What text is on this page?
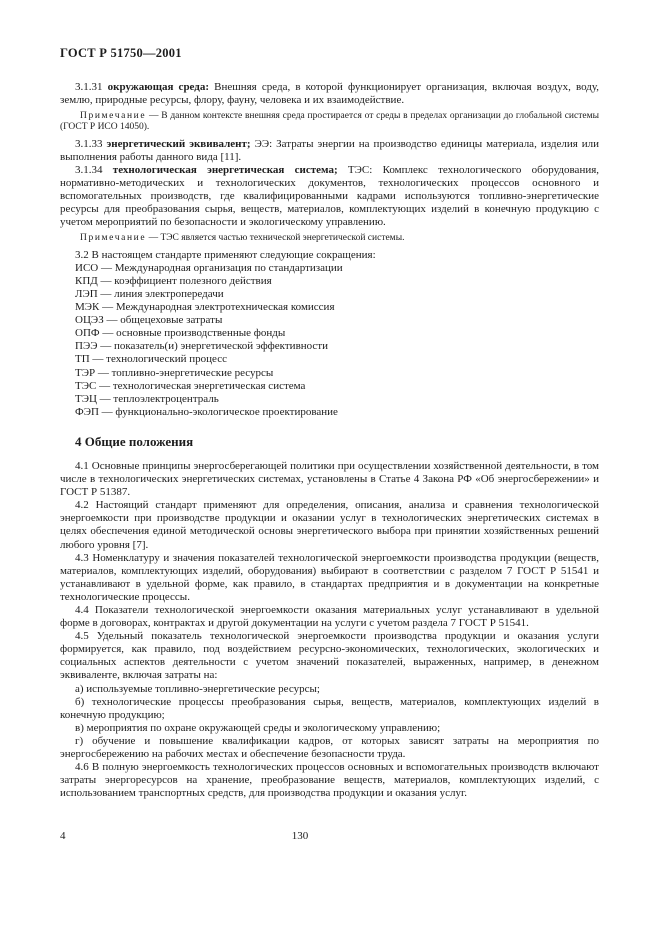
ГОСТ Р 51750—2001

3.1.31 окружающая среда: Внешняя среда, в которой функционирует организация, включая воздух, воду, землю, природные ресурсы, флору, фауну, человека и их взаимодействие.

Примечание — В данном контексте внешняя среда простирается от среды в пределах организации до глобальной системы (ГОСТ Р ИСО 14050).

3.1.33 энергетический эквивалент; ЭЭ: Затраты энергии на производство единицы материала, изделия или выполнения работы данного вида [11].

3.1.34 технологическая энергетическая система; ТЭС: Комплекс технологического оборудования, нормативно-методических и технологических документов, технологических процессов основного и вспомогательных производств, где квалифицированными кадрами используются топливно-энергетические ресурсы для преобразования сырья, веществ, материалов, комплектующих изделий в конечную продукцию с учетом мероприятий по безопасности и экологическому управлению.

Примечание — ТЭС является частью технической энергетической системы.

3.2 В настоящем стандарте применяют следующие сокращения:

ИСО — Международная организация по стандартизации
КПД — коэффициент полезного действия
ЛЭП — линия электропередачи
МЭК — Международная электротехническая комиссия
ОЦЭЗ — общецеховые затраты
ОПФ — основные производственные фонды
ПЭЭ — показатель(и) энергетической эффективности
ТП — технологический процесс
ТЭР — топливно-энергетические ресурсы
ТЭС — технологическая энергетическая система
ТЭЦ — теплоэлектроцентраль
ФЭП — функционально-экологическое проектирование
4 Общие положения

4.1 Основные принципы энергосберегающей политики при осуществлении хозяйственной деятельности, в том числе в технологических энергетических системах, установлены в Статье 4 Закона РФ «Об энергосбережении» и ГОСТ Р 51387.

4.2 Настоящий стандарт применяют для определения, описания, анализа и сравнения технологической энергоемкости при производстве продукции и оказании услуг в технологических энергетических системах в целях обеспечения единой методической основы энергетического выбора при принятии хозяйственных решений любого уровня [7].

4.3 Номенклатуру и значения показателей технологической энергоемкости производства продукции (веществ, материалов, комплектующих изделий, оборудования) выбирают в соответствии с разделом 7 ГОСТ Р 51541 и устанавливают в удельной форме, как правило, в стандартах предприятия и в документации на конкретные технологические процессы.

4.4 Показатели технологической энергоемкости оказания материальных услуг устанавливают в удельной форме в договорах, контрактах и другой документации на услуги с учетом раздела 7 ГОСТ Р 51541.

4.5 Удельный показатель технологической энергоемкости производства продукции и оказания услуги формируется, как правило, под воздействием ресурсно-экономических, технологических, экологических и социальных аспектов деятельности с учетом значений показателей, выраженных, например, в денежном эквиваленте, включая затраты на:

а) используемые топливно-энергетические ресурсы;

б) технологические процессы преобразования сырья, веществ, материалов, комплектующих изделий в конечную продукцию;

в) мероприятия по охране окружающей среды и экологическому управлению;

г) обучение и повышение квалификации кадров, от которых зависят затраты на мероприятия по энергосбережению на рабочих местах и обеспечение безопасности труда.

4.6 В полную энергоемкость технологических процессов основных и вспомогательных производств включают затраты энергоресурсов на хранение, преобразование веществ, материалов, комплектующих изделий, с использованием транспортных средств, для производства продукции и оказания услуг.

4	130
